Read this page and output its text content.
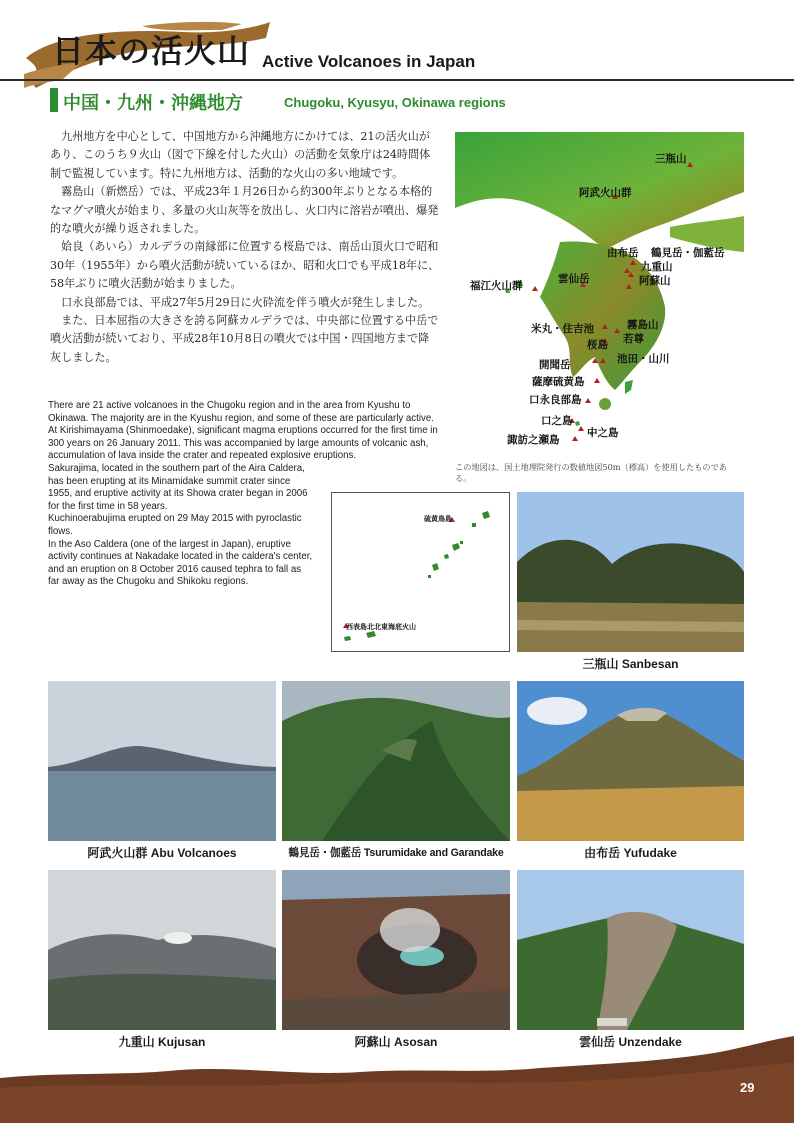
日本の活火山 Active Volcanoes in Japan
中国・九州・沖縄地方	Chugoku, Kyusyu, Okinawa regions

九州地方を中心として、中国地方から沖縄地方にかけては、21の活火山があり、このうち９火山（図で下線を付した火山）の活動を気象庁は24時間体制で監視しています。特に九州地方は、活動的な火山の多い地域です。

霧島山（新燃岳）では、平成23年１月26日から約300年ぶりとなる本格的なマグマ噴火が始まり、多量の火山灰等を放出し、火口内に溶岩が噴出、爆発的な噴火が繰り返されました。

姶良（あいら）カルデラの南縁部に位置する桜島では、南岳山頂火口で昭和30年（1955年）から噴火活動が続いているほか、昭和火口でも平成18年に、58年ぶりに噴火活動が始まりました。

口永良部島では、平成27年5月29日に火砕流を伴う噴火が発生しました。

また、日本屈指の大きさを誇る阿蘇カルデラでは、中央部に位置する中岳で噴火活動が続いており、平成28年10月8日の噴火では中国・四国地方まで降灰しました。

There are 21 active volcanoes in the Chugoku region and in the area from Kyushu to Okinawa. The majority are in the Kyushu region, and some of these are particularly active.

At Kirishimayama (Shinmoedake), significant magma eruptions occurred for the first time in 300 years on 26 January 2011. This was accompanied by large amounts of volcanic ash, accumulation of lava inside the crater and repeated explosive eruptions.

Sakurajima, located in the southern part of the Aira Caldera, has been erupting at its Minamidake summit crater since 1955, and eruptive activity at its Showa crater began in 2006 for the first time in 58 years.

Kuchinoerabujima erupted on 29 May 2015 with pyroclastic flows.

In the Aso Caldera (one of the largest in Japan), eruptive activity continues at Nakadake located in the caldera's center, and an eruption on 8 October 2016 caused tephra to fall as far away as the Chugoku and Shikoku regions.

三瓶山
阿武火山群
由布岳 鶴見岳・伽藍岳
九重山
阿蘇山
雲仙岳
福江火山群
米丸・住吉池	霧島山
桜島 若尊
池田・山川
開聞岳
薩摩硫黄島
口永良部島
口之島
中之島
諏訪之瀬島
この地図は、国土地理院発行の数値地図50m（標高）を使用したものである。
硫黄鳥島
西表島北北東海底火山
三瓶山 Sanbesan
阿武火山群 Abu Volcanoes	鶴見岳・伽藍岳 Tsurumidake and Garandake	由布岳 Yufudake
九重山 Kujusan	阿蘇山 Asosan	雲仙岳 Unzendake
29
